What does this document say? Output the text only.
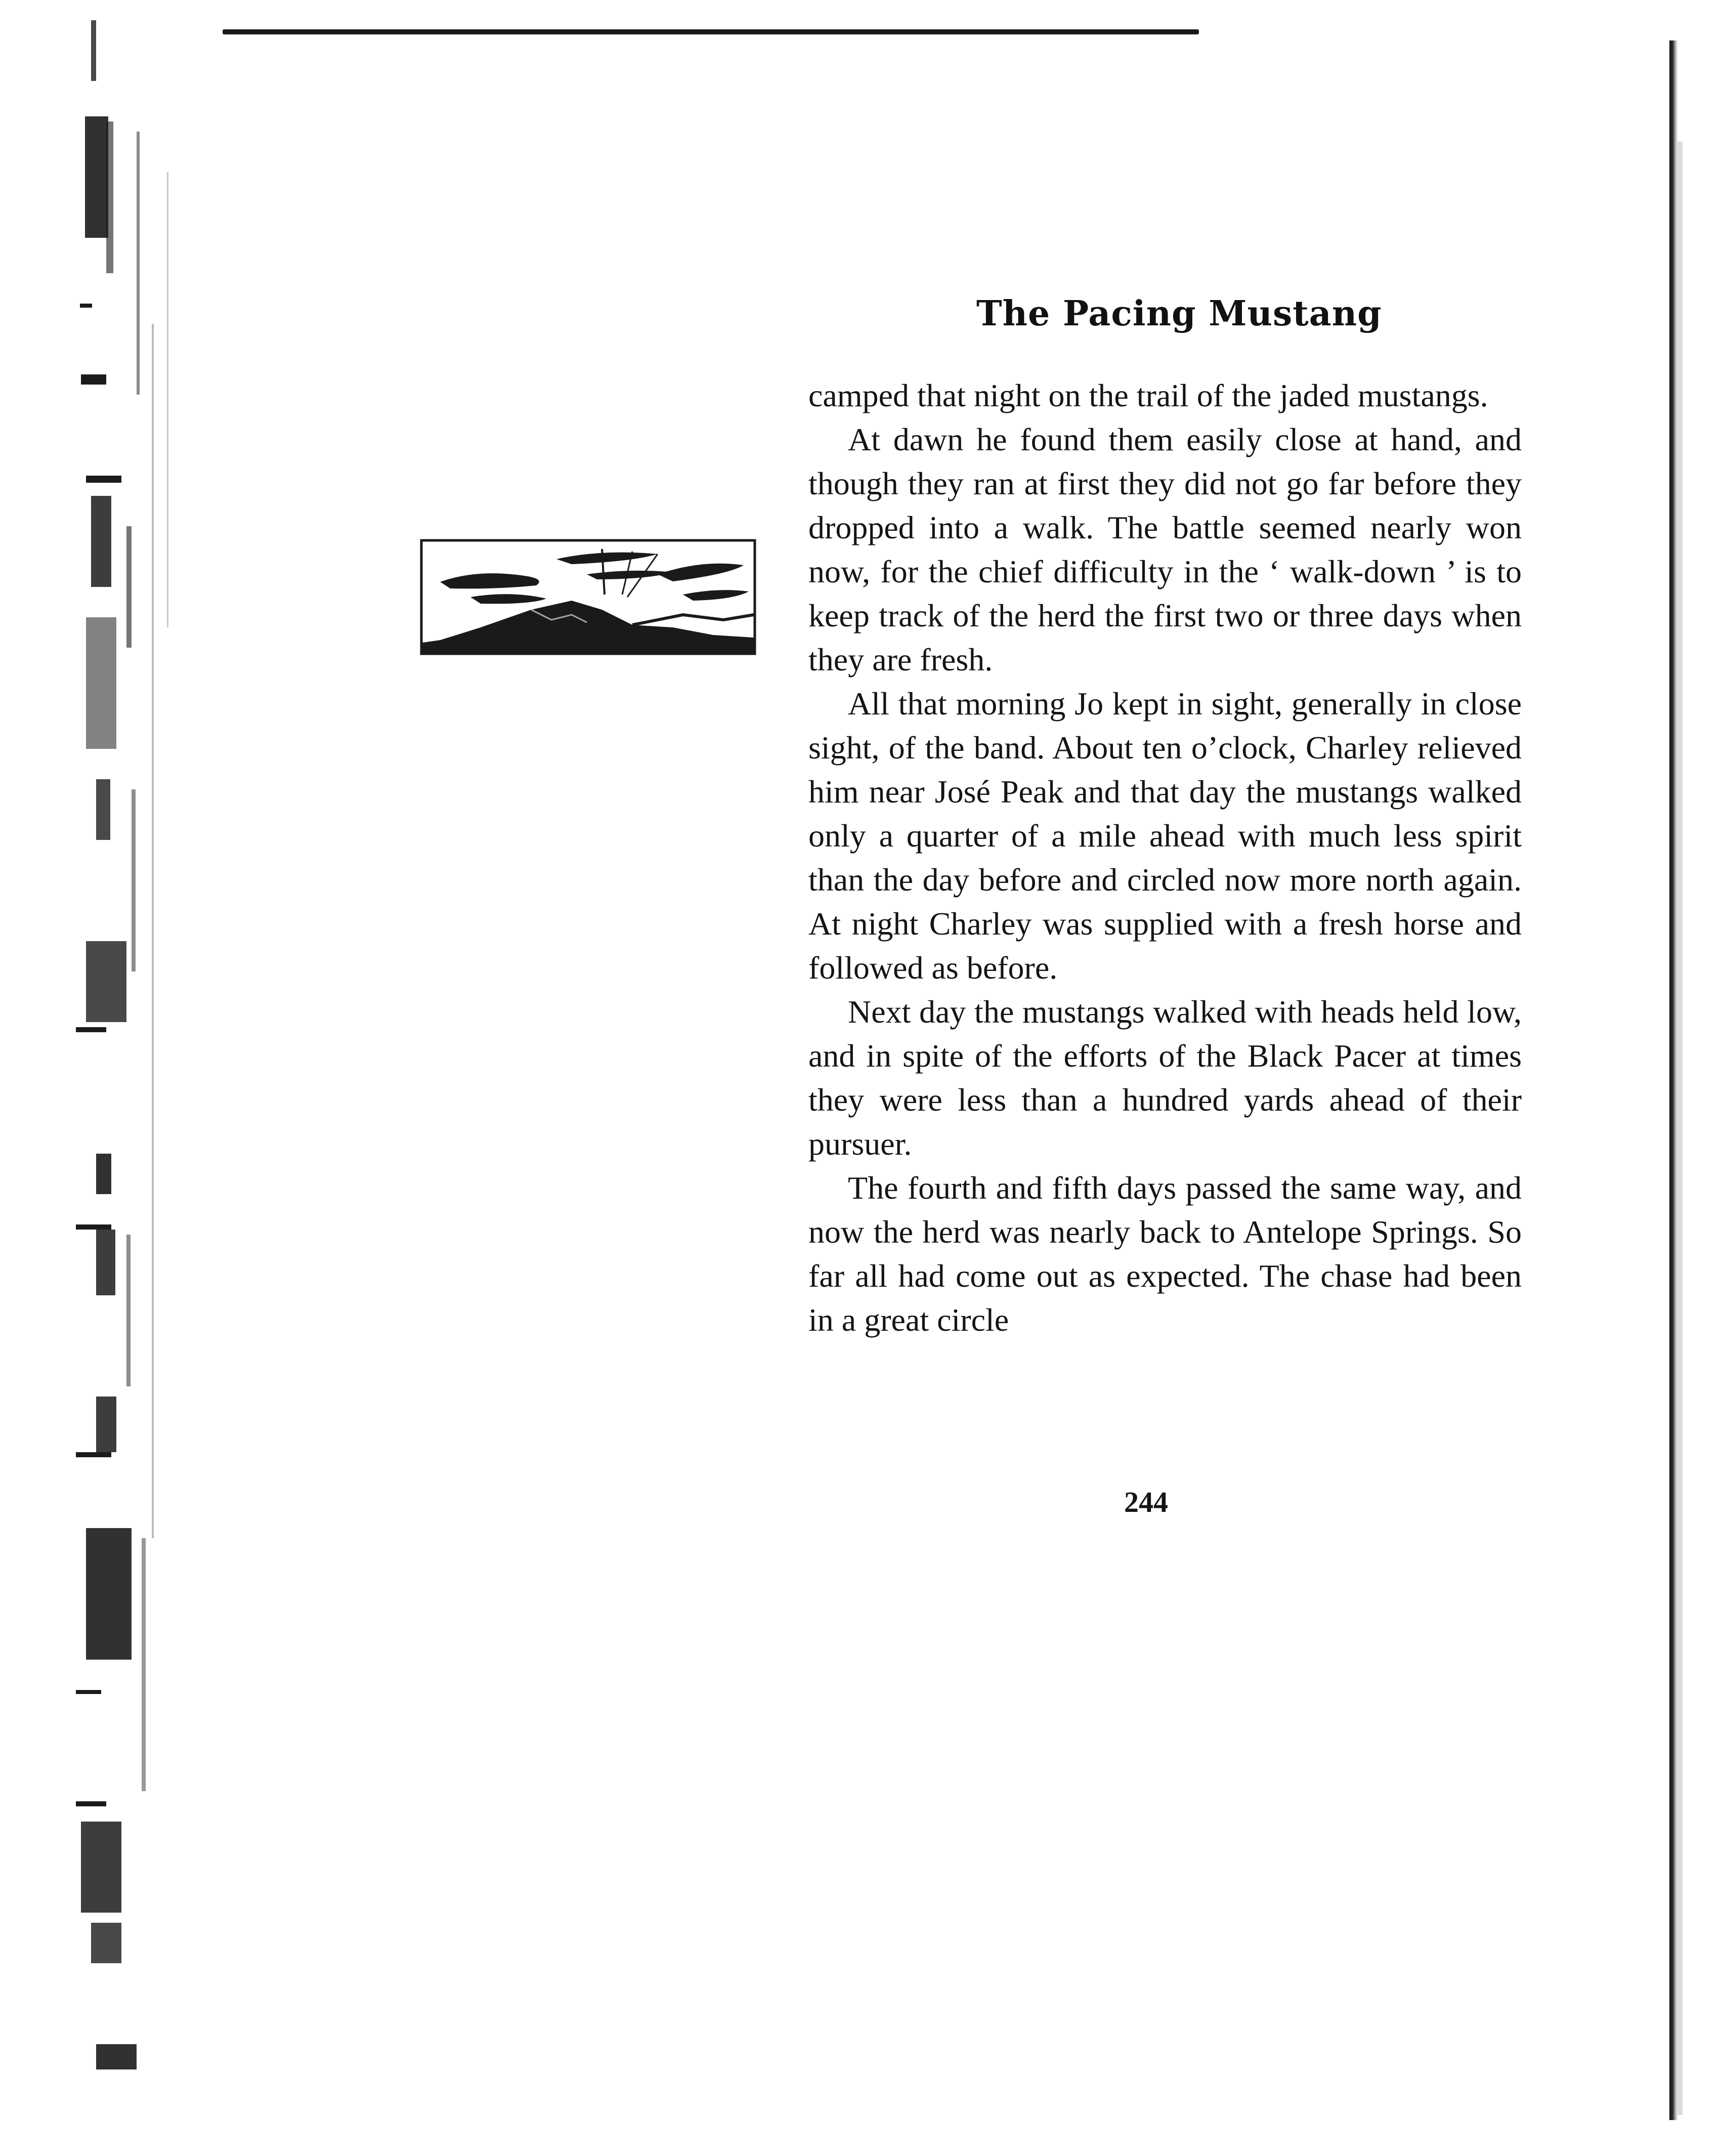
The Pacing Mustang

camped that night on the trail of the jaded mustangs.

At dawn he found them easily close at hand, and though they ran at first they did not go far before they dropped into a walk. The battle seemed nearly won now, for the chief difficulty in the ‘ walk-down ’ is to keep track of the herd the first two or three days when they are fresh.

All that morning Jo kept in sight, generally in close sight, of the band. About ten o’clock, Charley relieved him near José Peak and that day the mustangs walked only a quarter of a mile ahead with much less spirit than the day before and circled now more north again. At night Charley was supplied with a fresh horse and followed as before.

Next day the mustangs walked with heads held low, and in spite of the efforts of the Black Pacer at times they were less than a hundred yards ahead of their pursuer.

The fourth and fifth days passed the same way, and now the herd was nearly back to Antelope Springs. So far all had come out as expected. The chase had been in a great circle

244
